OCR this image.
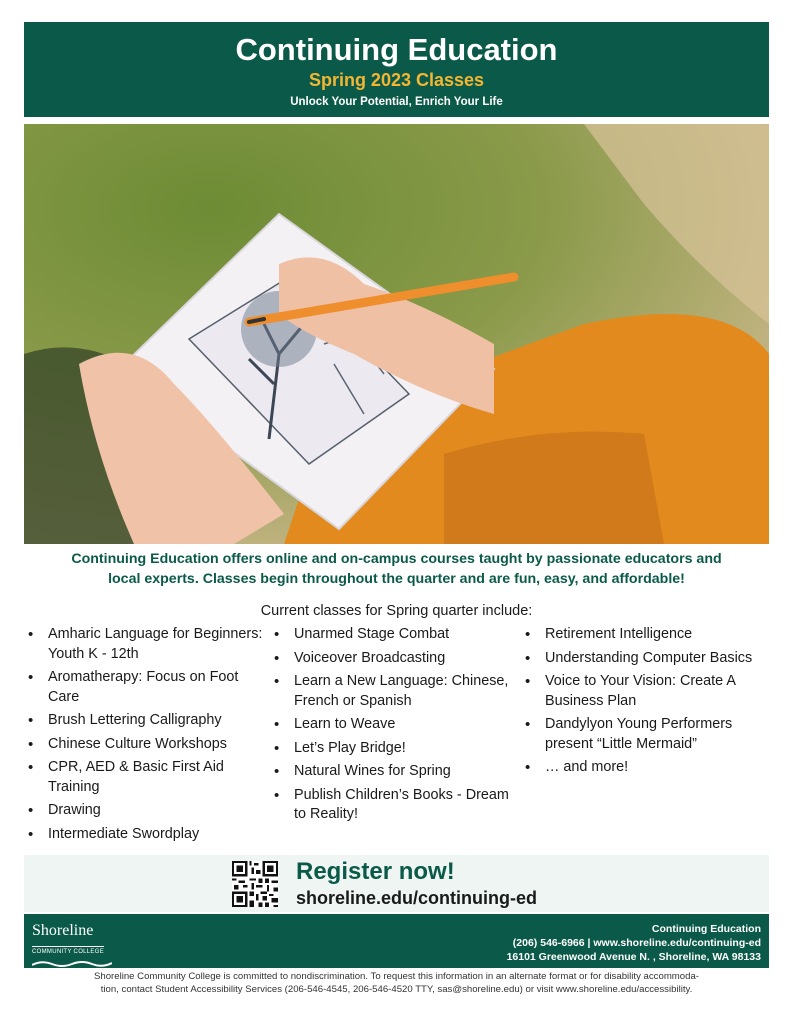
Continuing Education
Spring 2023 Classes
Unlock Your Potential, Enrich Your Life
Continuing Education offers online and on-campus courses taught by passionate educators and
local experts. Classes begin throughout the quarter and are fun, easy, and affordable!
Current classes for Spring quarter include:
• Amharic Language for Beginners: Youth K - 12th
• Aromatherapy: Focus on Foot Care
• Brush Lettering Calligraphy
• Chinese Culture Workshops
• CPR, AED & Basic First Aid Training
• Drawing
• Intermediate Swordplay
• Unarmed Stage Combat
• Voiceover Broadcasting
• Learn a New Language: Chinese, French or Spanish
• Learn to Weave
• Let’s Play Bridge!
• Natural Wines for Spring
• Publish Children’s Books - Dream to Reality!
• Retirement Intelligence
• Understanding Computer Basics
• Voice to Your Vision: Create A Business Plan
• Dandylyon Young Performers present “Little Mermaid”
• … and more!
Register now!
shoreline.edu/continuing-ed
Shoreline
COMMUNITY COLLEGE
Continuing Education
(206) 546-6966 | www.shoreline.edu/continuing-ed
16101 Greenwood Avenue N. , Shoreline, WA 98133
Shoreline Community College is committed to nondiscrimination. To request this information in an alternate format or for disability accommoda-
tion, contact Student Accessibility Services (206-546-4545, 206-546-4520 TTY, sas@shoreline.edu) or visit www.shoreline.edu/accessibility.
